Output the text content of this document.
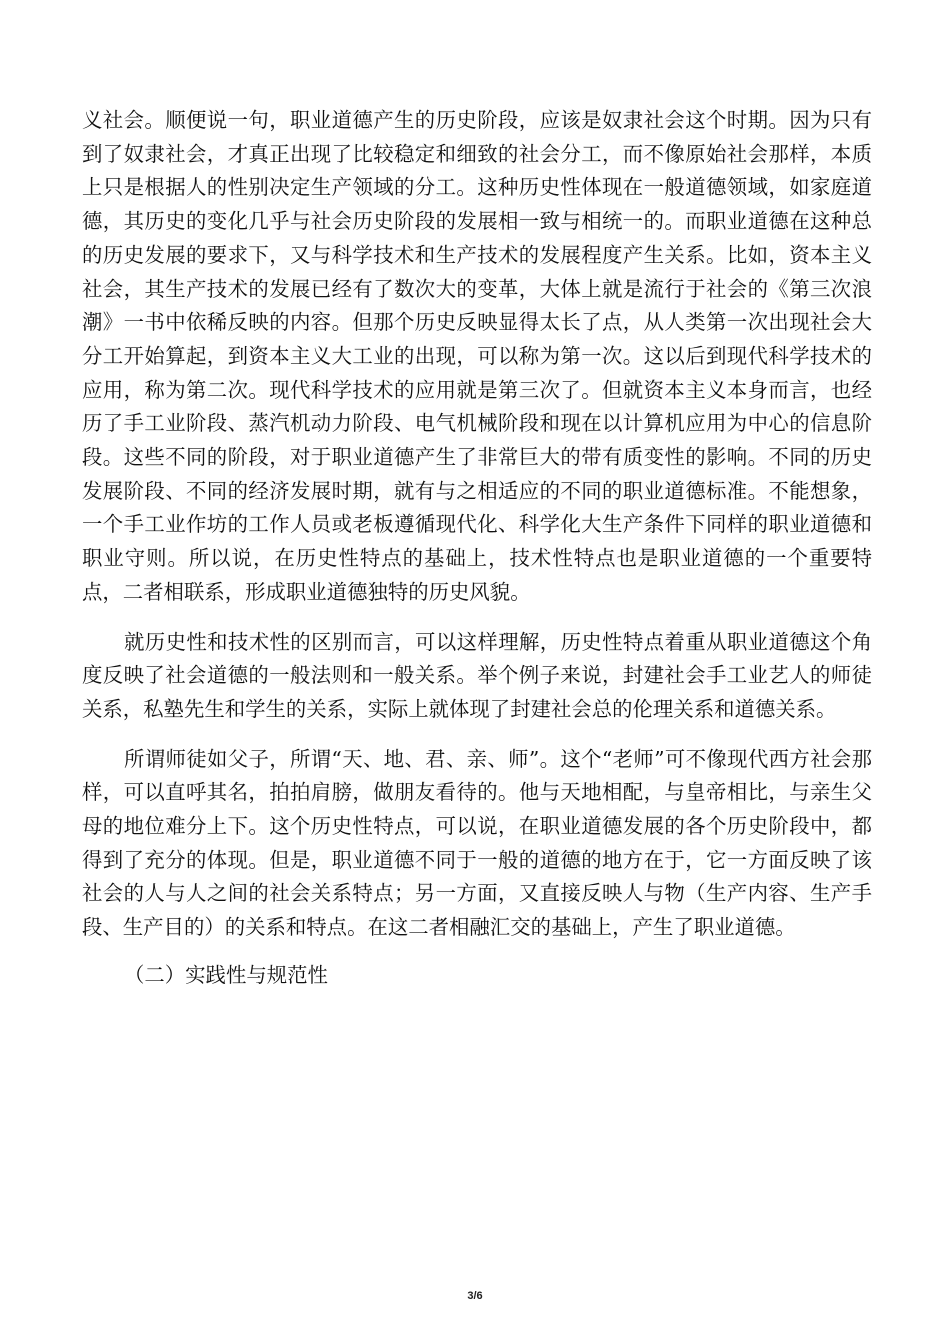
义社会。顺便说一句，职业道德产生的历史阶段，应该是奴隶社会这个时期。因为只有到了奴隶社会，才真正出现了比较稳定和细致的社会分工，而不像原始社会那样，本质上只是根据人的性别决定生产领域的分工。这种历史性体现在一般道德领域，如家庭道德，其历史的变化几乎与社会历史阶段的发展相一致与相统一的。而职业道德在这种总的历史发展的要求下，又与科学技术和生产技术的发展程度产生关系。比如，资本主义社会，其生产技术的发展已经有了数次大的变革，大体上就是流行于社会的《第三次浪潮》一书中依稀反映的内容。但那个历史反映显得太长了点，从人类第一次出现社会大分工开始算起，到资本主义大工业的出现，可以称为第一次。这以后到现代科学技术的应用，称为第二次。现代科学技术的应用就是第三次了。但就资本主义本身而言，也经历了手工业阶段、蒸汽机动力阶段、电气机械阶段和现在以计算机应用为中心的信息阶段。这些不同的阶段，对于职业道德产生了非常巨大的带有质变性的影响。不同的历史发展阶段、不同的经济发展时期，就有与之相适应的不同的职业道德标准。不能想象，一个手工业作坊的工作人员或老板遵循现代化、科学化大生产条件下同样的职业道德和职业守则。所以说，在历史性特点的基础上，技术性特点也是职业道德的一个重要特点，二者相联系，形成职业道德独特的历史风貌。

就历史性和技术性的区别而言，可以这样理解，历史性特点着重从职业道德这个角度反映了社会道德的一般法则和一般关系。举个例子来说，封建社会手工业艺人的师徒关系，私塾先生和学生的关系，实际上就体现了封建社会总的伦理关系和道德关系。

所谓师徒如父子，所谓“天、地、君、亲、师”。这个“老师”可不像现代西方社会那样，可以直呼其名，拍拍肩膀，做朋友看待的。他与天地相配，与皇帝相比，与亲生父母的地位难分上下。这个历史性特点，可以说，在职业道德发展的各个历史阶段中，都得到了充分的体现。但是，职业道德不同于一般的道德的地方在于，它一方面反映了该社会的人与人之间的社会关系特点；另一方面，又直接反映人与物（生产内容、生产手段、生产目的）的关系和特点。在这二者相融汇交的基础上，产生了职业道德。

（二）实践性与规范性

3/6
